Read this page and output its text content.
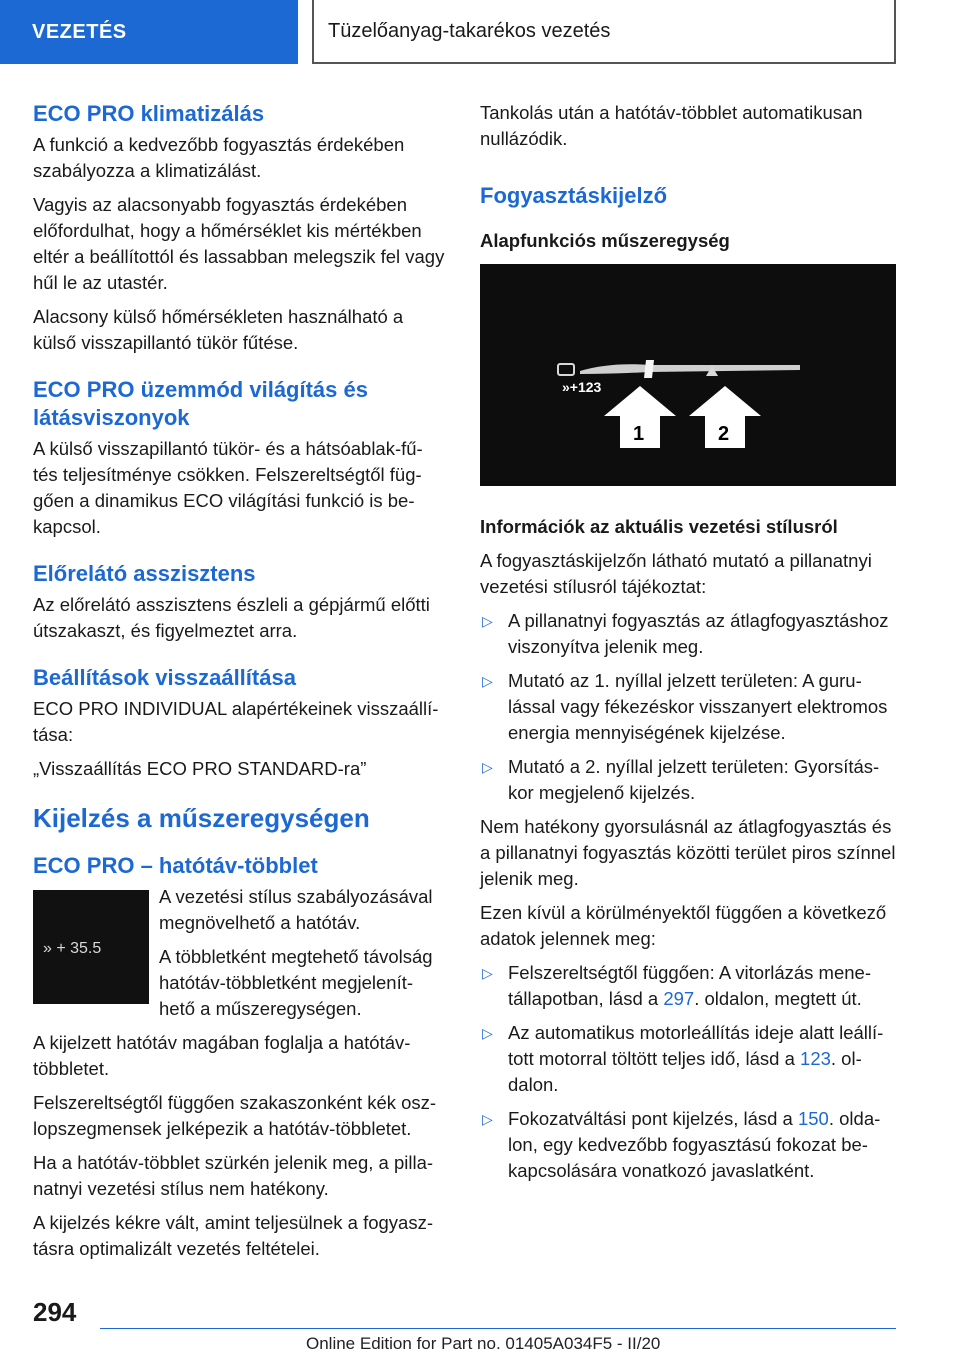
VEZETÉS	Tüzelőanyag-takarékos vezetés
ECO PRO klimatizálás

A funkció a kedvezőbb fogyasztás érdekében szabályozza a klimatizálást.

Vagyis az alacsonyabb fogyasztás érdekében előfordulhat, hogy a hőmérséklet kis mértékben eltér a beállítottól és lassabban melegszik fel vagy hűl le az utastér.

Alacsony külső hőmérsékleten használható a külső visszapillantó tükör fűtése.

ECO PRO üzemmód világítás és látásviszonyok

A külső visszapillantó tükör- és a hátsóablak-fű-tés teljesítménye csökken. Felszereltségtől füg-gően a dinamikus ECO világítási funkció is be-kapcsol.

Előrelátó asszisztens

Az előrelátó asszisztens észleli a gépjármű előtti útszakaszt, és figyelmeztet arra.

Beállítások visszaállítása

ECO PRO INDIVIDUAL alapértékeinek visszaállí-tása:

„Visszaállítás ECO PRO STANDARD-ra”

Kijelzés a műszeregységen
ECO PRO – hatótáv-többlet
» + 35.5

A vezetési stílus szabályozásával megnövelhető a hatótáv.

A többletként megtehető távolság hatótáv-többletként megjelenít-hető a műszeregységen.

A kijelzett hatótáv magában foglalja a hatótáv-többletet.

Felszereltségtől függően szakaszonként kék osz-lopszegmensek jelképezik a hatótáv-többletet.

Ha a hatótáv-többlet szürkén jelenik meg, a pilla-natnyi vezetési stílus nem hatékony.

A kijelzés kékre vált, amint teljesülnek a fogyasz-tásra optimalizált vezetés feltételei.

Tankolás után a hatótáv-többlet automatikusan nullázódik.

Fogyasztáskijelző
Alapfunkciós műszeregység
»+123
1	2
Információk az aktuális vezetési stílusról

A fogyasztáskijelzőn látható mutató a pillanatnyi vezetési stílusról tájékoztat:

▷ A pillanatnyi fogyasztás az átlagfogyasztáshoz viszonyítva jelenik meg.
▷ Mutató az 1. nyíllal jelzett területen: A guru-lással vagy fékezéskor visszanyert elektromos energia mennyiségének kijelzése.
▷ Mutató a 2. nyíllal jelzett területen: Gyorsítás-kor megjelenő kijelzés.

Nem hatékony gyorsulásnál az átlagfogyasztás és a pillanatnyi fogyasztás közötti terület piros színnel jelenik meg.

Ezen kívül a körülményektől függően a következő adatok jelennek meg:

▷ Felszereltségtől függően: A vitorlázás mene-tállapotban, lásd a 297. oldalon, megtett út.
▷ Az automatikus motorleállítás ideje alatt leállí-tott motorral töltött teljes idő, lásd a 123. ol-dalon.
▷ Fokozatváltási pont kijelzés, lásd a 150. olda-lon, egy kedvezőbb fogyasztású fokozat be-kapcsolására vonatkozó javaslatként.
294
Online Edition for Part no. 01405A034F5 - II/20
